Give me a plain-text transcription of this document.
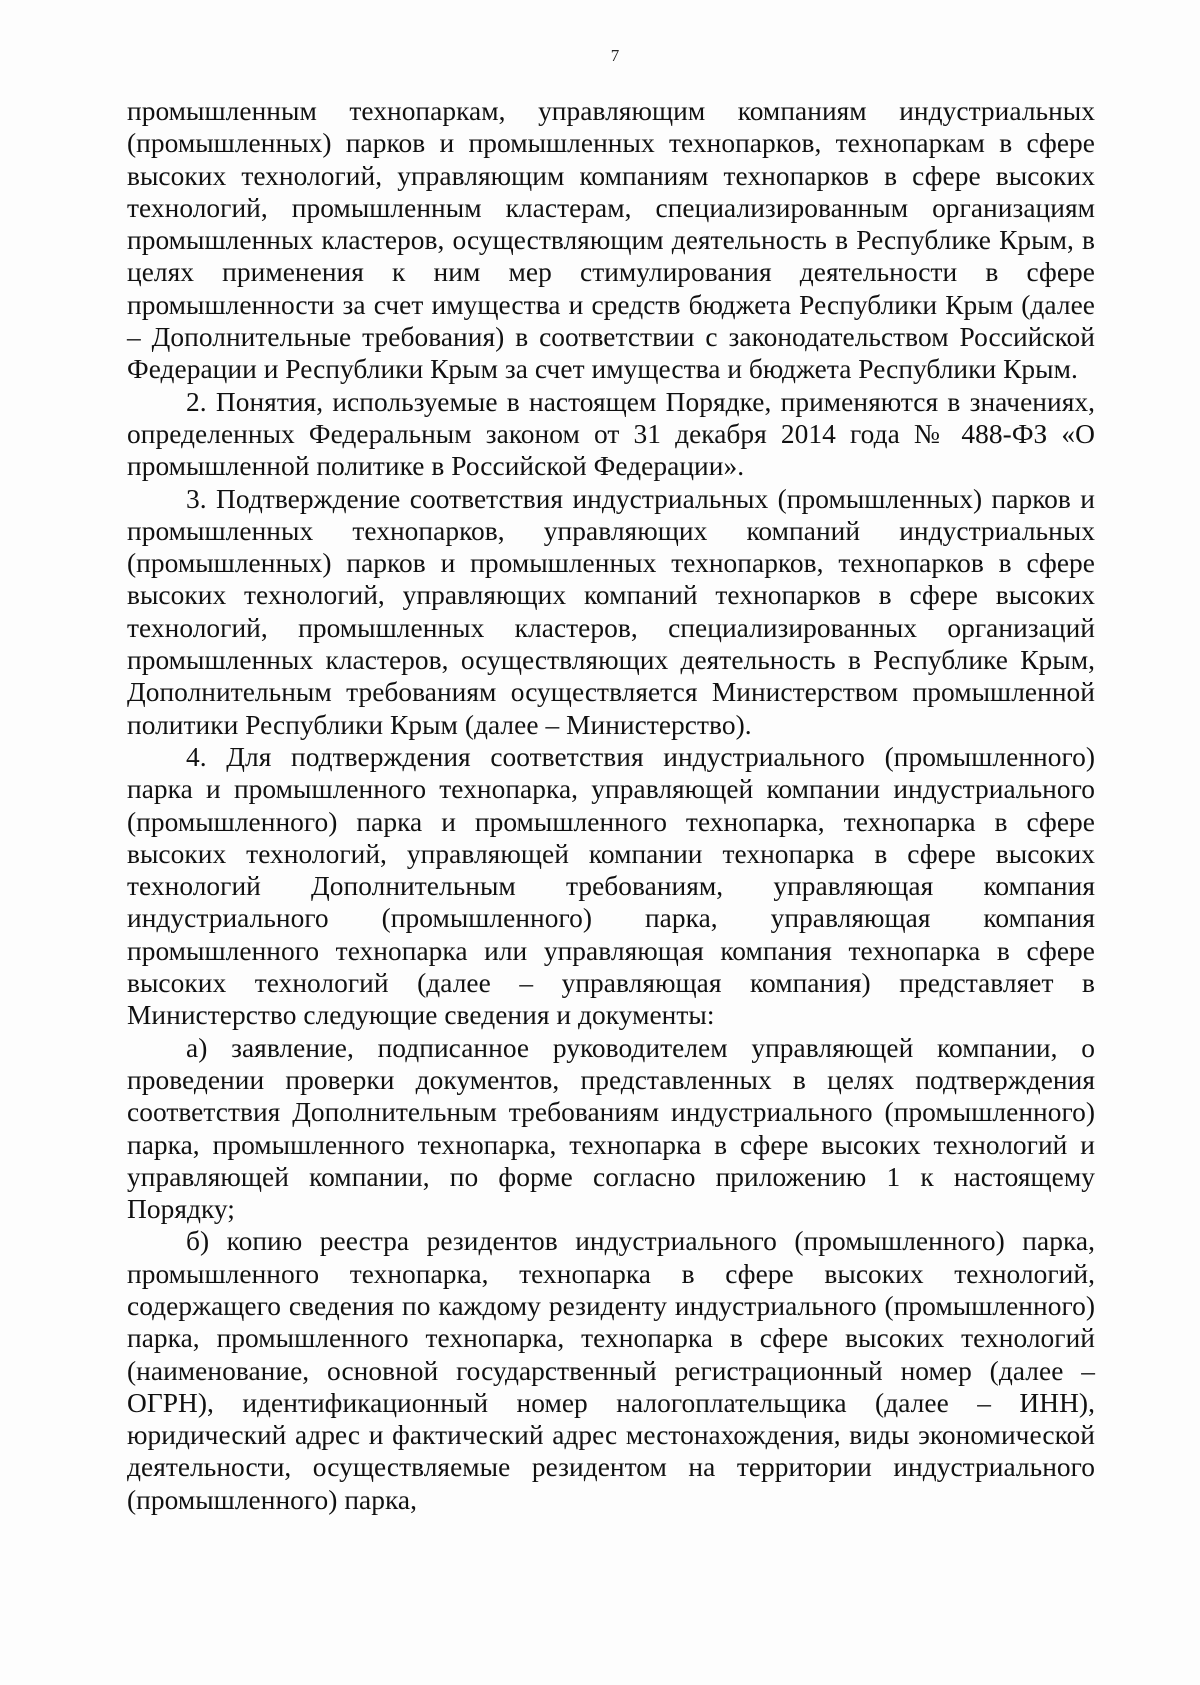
7

промышленным технопаркам, управляющим компаниям индустриальных (промышленных) парков и промышленных технопарков, технопаркам в сфере высоких технологий, управляющим компаниям технопарков в сфере высоких технологий, промышленным кластерам, специализированным организациям промышленных кластеров, осуществляющим деятельность в Республике Крым, в целях применения к ним мер стимулирования деятельности в сфере промышленности за счет имущества и средств бюджета Республики Крым (далее – Дополнительные требования) в соответствии с законодательством Российской Федерации и Республики Крым за счет имущества и бюджета Республики Крым.

2. Понятия, используемые в настоящем Порядке, применяются в значениях, определенных Федеральным законом от 31 декабря 2014 года № 488-ФЗ «О промышленной политике в Российской Федерации».

3. Подтверждение соответствия индустриальных (промышленных) парков и промышленных технопарков, управляющих компаний индустриальных (промышленных) парков и промышленных технопарков, технопарков в сфере высоких технологий, управляющих компаний технопарков в сфере высоких технологий, промышленных кластеров, специализированных организаций промышленных кластеров, осуществляющих деятельность в Республике Крым, Дополнительным требованиям осуществляется Министерством промышленной политики Республики Крым (далее – Министерство).

4. Для подтверждения соответствия индустриального (промышленного) парка и промышленного технопарка, управляющей компании индустриального (промышленного) парка и промышленного технопарка, технопарка в сфере высоких технологий, управляющей компании технопарка в сфере высоких технологий Дополнительным требованиям, управляющая компания индустриального (промышленного) парка, управляющая компания промышленного технопарка или управляющая компания технопарка в сфере высоких технологий (далее – управляющая компания) представляет в Министерство следующие сведения и документы:

а) заявление, подписанное руководителем управляющей компании, о проведении проверки документов, представленных в целях подтверждения соответствия Дополнительным требованиям индустриального (промышленного) парка, промышленного технопарка, технопарка в сфере высоких технологий и управляющей компании, по форме согласно приложению 1 к настоящему Порядку;

б) копию реестра резидентов индустриального (промышленного) парка, промышленного технопарка, технопарка в сфере высоких технологий, содержащего сведения по каждому резиденту индустриального (промышленного) парка, промышленного технопарка, технопарка в сфере высоких технологий (наименование, основной государственный регистрационный номер (далее – ОГРН), идентификационный номер налогоплательщика (далее – ИНН), юридический адрес и фактический адрес местонахождения, виды экономической деятельности, осуществляемые резидентом на территории индустриального (промышленного) парка,
